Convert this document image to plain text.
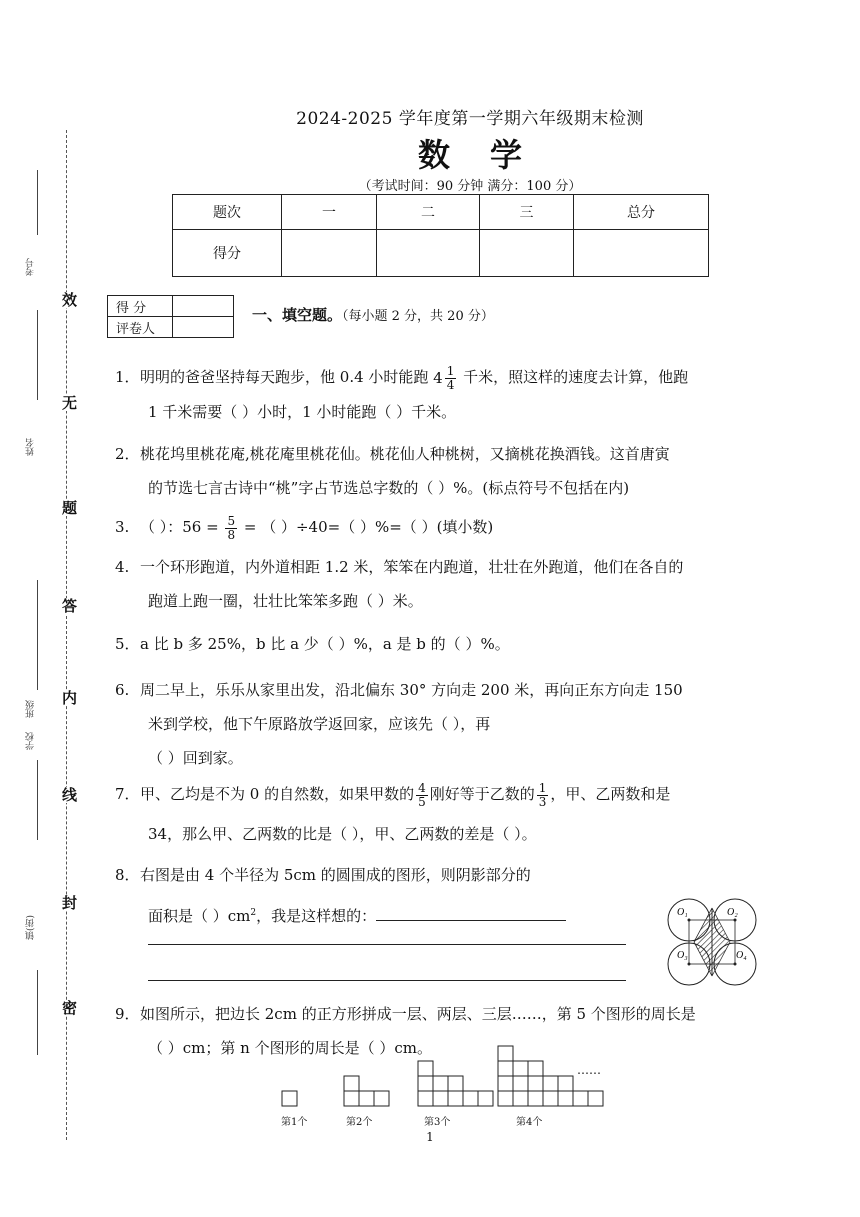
考号
姓名
班级
学校
镇(街)
效
无
题
答
内
线
封
密
2024-2025 学年度第一学期六年级期末检测
数学
（考试时间：90 分钟 满分：100 分）
题次	一	二	三	总分
得分				
得 分	
评卷人	
一、填空题。（每小题 2 分，共 20 分）
1．明明的爸爸坚持每天跑步，他 0.4 小时能跑 $4 \frac{1}{4}$ 千米，照这样的速度去计算，他跑
1 千米需要（ ）小时，1 小时能跑（ ）千米。
2．桃花坞里桃花庵,桃花庵里桃花仙。桃花仙人种桃树，又摘桃花换酒钱。这首唐寅
的节选七言古诗中“桃”字占节选总字数的（ ）%。(标点符号不包括在内)
3. （ ）：$56 = \frac{5}{8}$ = （ ）÷40=（ ）%=（ ）(填小数)
4. 一个环形跑道，内外道相距 1.2 米，笨笨在内跑道，壮壮在外跑道，他们在各自的
跑道上跑一圈，壮壮比笨笨多跑（ ）米。
5．a 比 b 多 25%，b 比 a 少（ ）%，a 是 b 的（ ）%。
6. 周二早上，乐乐从家里出发，沿北偏东 30° 方向走 200 米，再向正东方向走 150
米到学校，他下午原路放学返回家，应该先（ ），再
（ ）回到家。
7．甲、乙均是不为 0 的自然数，如果甲数的 $\frac{4}{5}$ 刚好等于乙数的 $\frac{1}{3}$ ，甲、乙两数和是
34，那么甲、乙两数的比是（ ），甲、乙两数的差是（ ）。
8．右图是由 4 个半径为 5cm 的圆围成的图形，则阴影部分的
面积是（ ）$cm^2$，我是这样想的：	O₁	O₂
O₃	O₄
9．如图所示，把边长 2cm 的正方形拼成一层、两层、三层……，第 5 个图形的周长是
（ ）cm；第 n 个图形的周长是（ ）cm。
第1个	第2个	第3个	第4个
……
1
